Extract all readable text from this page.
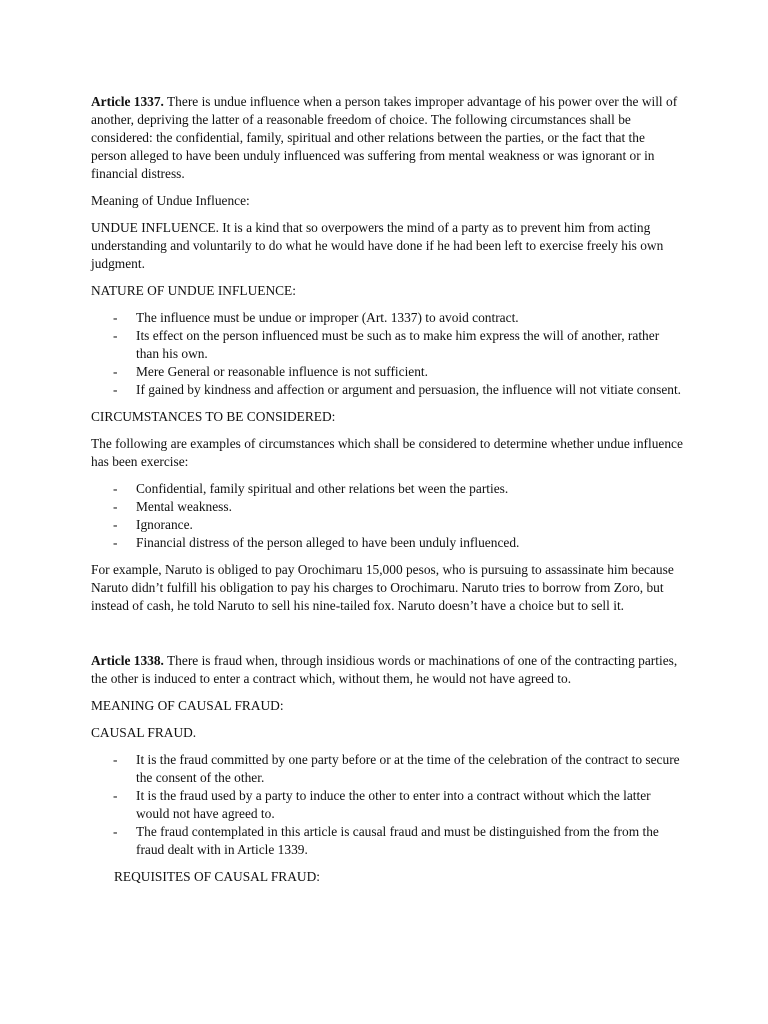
Article 1337. There is undue influence when a person takes improper advantage of his power over the will of another, depriving the latter of a reasonable freedom of choice. The following circumstances shall be considered: the confidential, family, spiritual and other relations between the parties, or the fact that the person alleged to have been unduly influenced was suffering from mental weakness or was ignorant or in financial distress.

Meaning of Undue Influence:

UNDUE INFLUENCE. It is a kind that so overpowers the mind of a party as to prevent him from acting understanding and voluntarily to do what he would have done if he had been left to exercise freely his own judgment.

NATURE OF UNDUE INFLUENCE:

- The influence must be undue or improper (Art. 1337) to avoid contract.
- Its effect on the person influenced must be such as to make him express the will of another, rather than his own.
- Mere General or reasonable influence is not sufficient.
- If gained by kindness and affection or argument and persuasion, the influence will not vitiate consent.

CIRCUMSTANCES TO BE CONSIDERED:

The following are examples of circumstances which shall be considered to determine whether undue influence has been exercise:

- Confidential, family spiritual and other relations bet ween the parties.
- Mental weakness.
- Ignorance.
- Financial distress of the person alleged to have been unduly influenced.

For example, Naruto is obliged to pay Orochimaru 15,000 pesos, who is pursuing to assassinate him because Naruto didn’t fulfill his obligation to pay his charges to Orochimaru. Naruto tries to borrow from Zoro, but instead of cash, he told Naruto to sell his nine-tailed fox. Naruto doesn’t have a choice but to sell it.

Article 1338. There is fraud when, through insidious words or machinations of one of the contracting parties, the other is induced to enter a contract which, without them, he would not have agreed to.

MEANING OF CAUSAL FRAUD:

CAUSAL FRAUD.

- It is the fraud committed by one party before or at the time of the celebration of the contract to secure the consent of the other.
- It is the fraud used by a party to induce the other to enter into a contract without which the latter would not have agreed to.
- The fraud contemplated in this article is causal fraud and must be distinguished from the from the fraud dealt with in Article 1339.

REQUISITES OF CAUSAL FRAUD:
